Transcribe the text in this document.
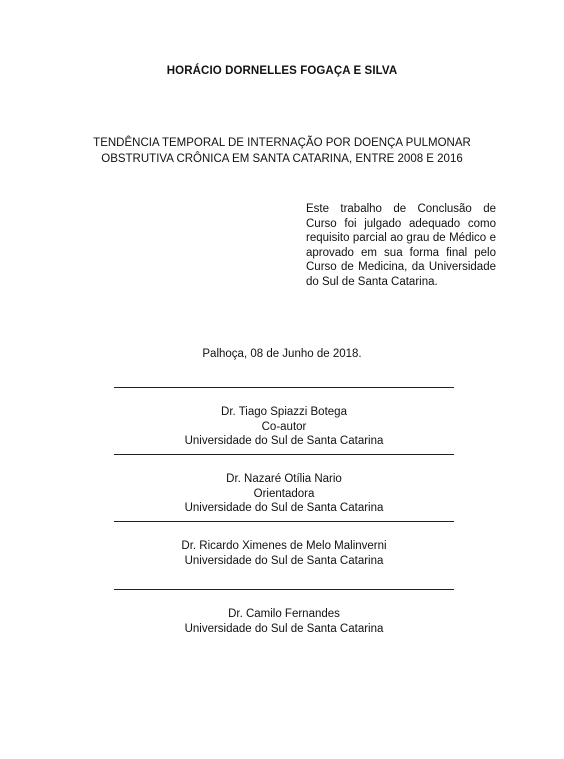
HORÁCIO DORNELLES FOGAÇA E SILVA
TENDÊNCIA TEMPORAL DE INTERNAÇÃO POR DOENÇA PULMONAR
OBSTRUTIVA CRÔNICA EM SANTA CATARINA, ENTRE 2008 E 2016
Este trabalho de Conclusão de Curso foi julgado adequado como requisito parcial ao grau de Médico e aprovado em sua forma final pelo Curso de Medicina, da Universidade do Sul de Santa Catarina.
Palhoça, 08 de Junho de 2018.
Dr. Tiago Spiazzi Botega
Co-autor
Universidade do Sul de Santa Catarina
Dr. Nazaré Otília Nario
Orientadora
Universidade do Sul de Santa Catarina
Dr. Ricardo Ximenes de Melo Malinverni
Universidade do Sul de Santa Catarina
Dr. Camilo Fernandes
Universidade do Sul de Santa Catarina
